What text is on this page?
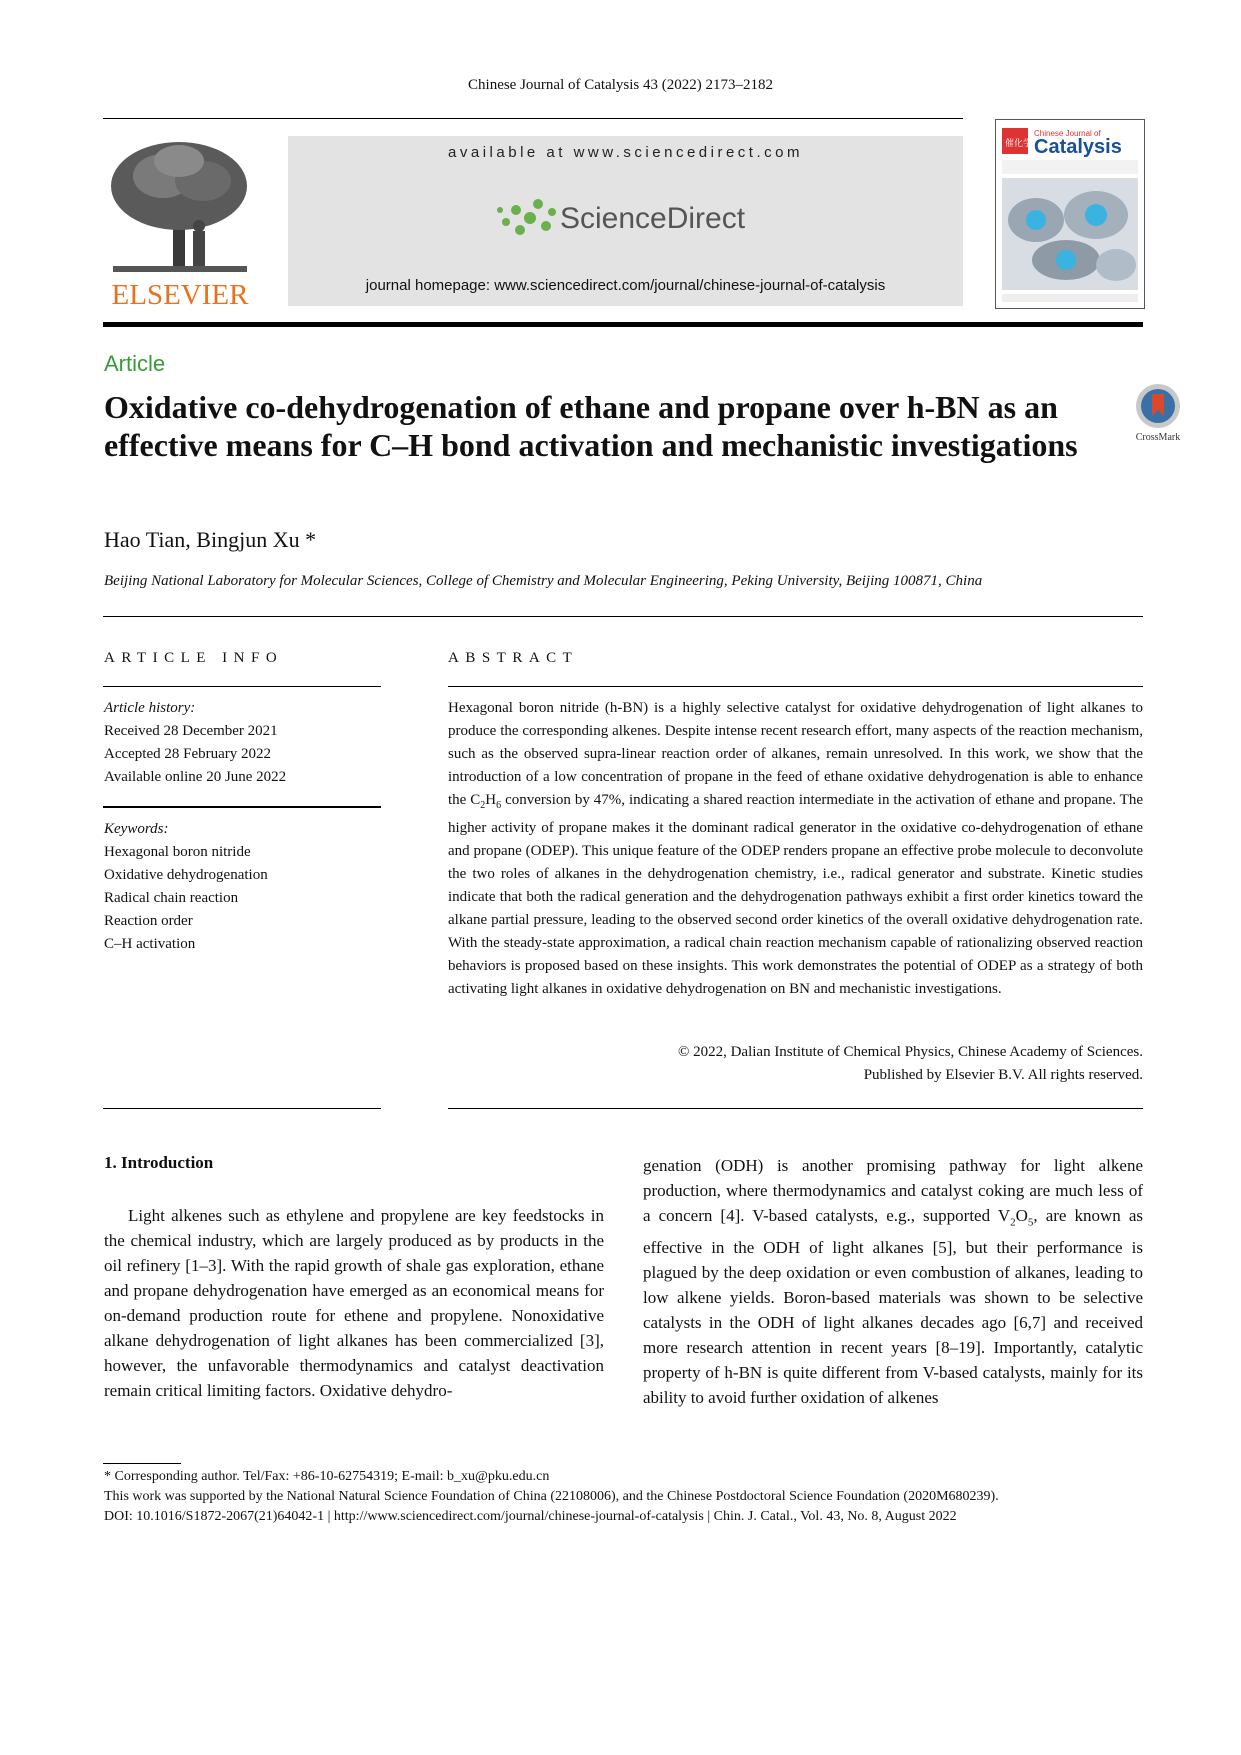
Chinese Journal of Catalysis 43 (2022) 2173–2182
ELSEVIER
available at www.sciencedirect.com
ScienceDirect
journal homepage: www.sciencedirect.com/journal/chinese-journal-of-catalysis
催化学报
Chinese Journal of
Catalysis
Article
Oxidative co-dehydrogenation of ethane and propane over h-BN as an effective means for C–H bond activation and mechanistic investigations	CrossMark
Hao Tian, Bingjun Xu *
Beijing National Laboratory for Molecular Sciences, College of Chemistry and Molecular Engineering, Peking University, Beijing 100871, China
ARTICLE INFO	ABSTRACT
Article history:
Received 28 December 2021
Accepted 28 February 2022
Available online 20 June 2022
Keywords:
Hexagonal boron nitride
Oxidative dehydrogenation
Radical chain reaction
Reaction order
C–H activation
Hexagonal boron nitride (h-BN) is a highly selective catalyst for oxidative dehydrogenation of light alkanes to produce the corresponding alkenes. Despite intense recent research effort, many aspects of the reaction mechanism, such as the observed supra-linear reaction order of alkanes, remain unresolved. In this work, we show that the introduction of a low concentration of propane in the feed of ethane oxidative dehydrogenation is able to enhance the $C_2H_6$ conversion by 47%, indicating a shared reaction intermediate in the activation of ethane and propane. The higher activity of propane makes it the dominant radical generator in the oxidative co-dehydrogenation of ethane and propane (ODEP). This unique feature of the ODEP renders propane an effective probe molecule to deconvolute the two roles of alkanes in the dehydrogenation chemistry, i.e., radical generator and substrate. Kinetic studies indicate that both the radical generation and the dehydrogenation pathways exhibit a first order kinetics toward the alkane partial pressure, leading to the observed second order kinetics of the overall oxidative dehydrogenation rate. With the steady-state approximation, a radical chain reaction mechanism capable of rationalizing observed reaction behaviors is proposed based on these insights. This work demonstrates the potential of ODEP as a strategy of both activating light alkanes in oxidative dehydrogenation on BN and mechanistic investigations.
© 2022, Dalian Institute of Chemical Physics, Chinese Academy of Sciences.
Published by Elsevier B.V. All rights reserved.
1. Introduction
Light alkenes such as ethylene and propylene are key feedstocks in the chemical industry, which are largely produced as by products in the oil refinery [1–3]. With the rapid growth of shale gas exploration, ethane and propane dehydrogenation have emerged as an economical means for on-demand production route for ethene and propylene. Nonoxidative alkane dehydrogenation of light alkanes has been commercialized [3], however, the unfavorable thermodynamics and catalyst deactivation remain critical limiting factors. Oxidative dehydro-
genation (ODH) is another promising pathway for light alkene production, where thermodynamics and catalyst coking are much less of a concern [4]. V-based catalysts, e.g., supported $V_2O_5$, are known as effective in the ODH of light alkanes [5], but their performance is plagued by the deep oxidation or even combustion of alkanes, leading to low alkene yields. Boron-based materials was shown to be selective catalysts in the ODH of light alkanes decades ago [6,7] and received more research attention in recent years [8–19]. Importantly, catalytic property of h-BN is quite different from V-based catalysts, mainly for its ability to avoid further oxidation of alkenes
* Corresponding author. Tel/Fax: +86-10-62754319; E-mail: b_xu@pku.edu.cn
This work was supported by the National Natural Science Foundation of China (22108006), and the Chinese Postdoctoral Science Foundation (2020M680239).
DOI: 10.1016/S1872-2067(21)64042-1 | http://www.sciencedirect.com/journal/chinese-journal-of-catalysis | Chin. J. Catal., Vol. 43, No. 8, August 2022
